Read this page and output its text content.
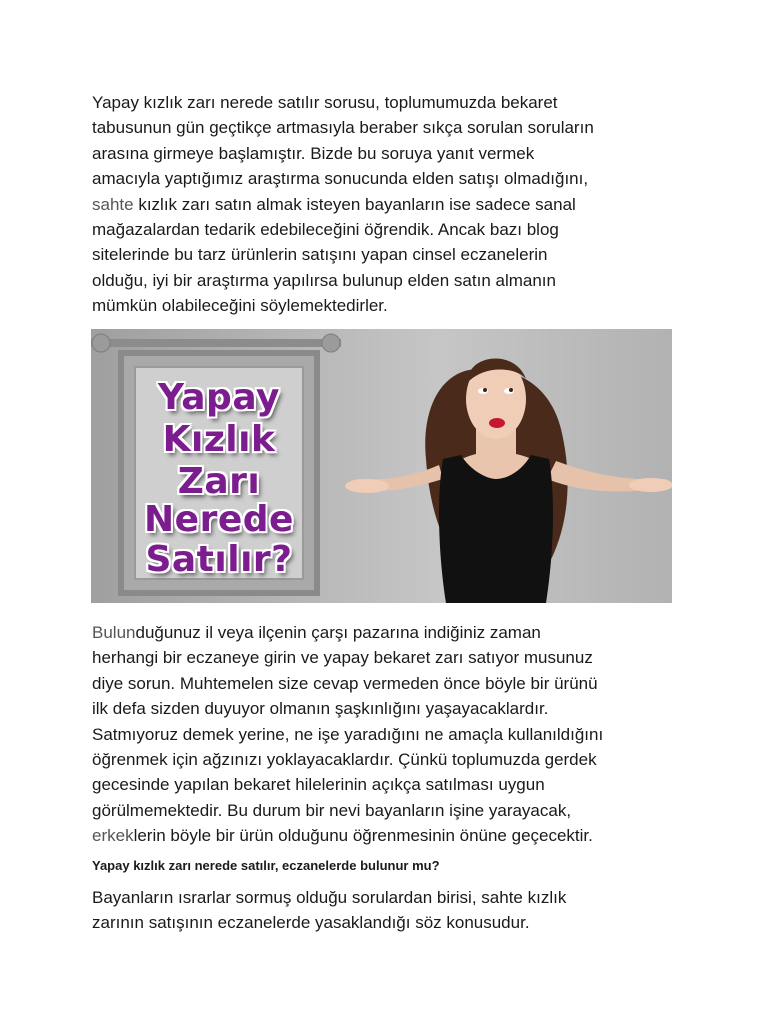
Yapay kızlık zarı nerede satılır sorusu, toplumumuzda bekaret
tabusunun gün geçtikçe artmasıyla beraber sıkça sorulan soruların
arasına girmeye başlamıştır. Bizde bu soruya yanıt vermek
amacıyla yaptığımız araştırma sonucunda elden satışı olmadığını,
sahte kızlık zarı satın almak isteyen bayanların ise sadece sanal
mağazalardan tedarik edebileceğini öğrendik. Ancak bazı blog
sitelerinde bu tarz ürünlerin satışını yapan cinsel eczanelerin
olduğu, iyi bir araştırma yapılırsa bulunup elden satın almanın
mümkün olabileceğini söylemektedirler.
Yapay
Kızlık
Zarı
Nerede
Satılır?
Bulunduğunuz il veya ilçenin çarşı pazarına indiğiniz zaman
herhangi bir eczaneye girin ve yapay bekaret zarı satıyor musunuz
diye sorun. Muhtemelen size cevap vermeden önce böyle bir ürünü
ilk defa sizden duyuyor olmanın şaşkınlığını yaşayacaklardır.
Satmıyoruz demek yerine, ne işe yaradığını ne amaçla kullanıldığını
öğrenmek için ağzınızı yoklayacaklardır. Çünkü toplumuzda gerdek
gecesinde yapılan bekaret hilelerinin açıkça satılması uygun
görülmemektedir. Bu durum bir nevi bayanların işine yarayacak,
erkeklerin böyle bir ürün olduğunu öğrenmesinin önüne geçecektir.
Yapay kızlık zarı nerede satılır, eczanelerde bulunur mu?
Bayanların ısrarlar sormuş olduğu sorulardan birisi, sahte kızlık
zarının satışının eczanelerde yasaklandığı söz konusudur.
